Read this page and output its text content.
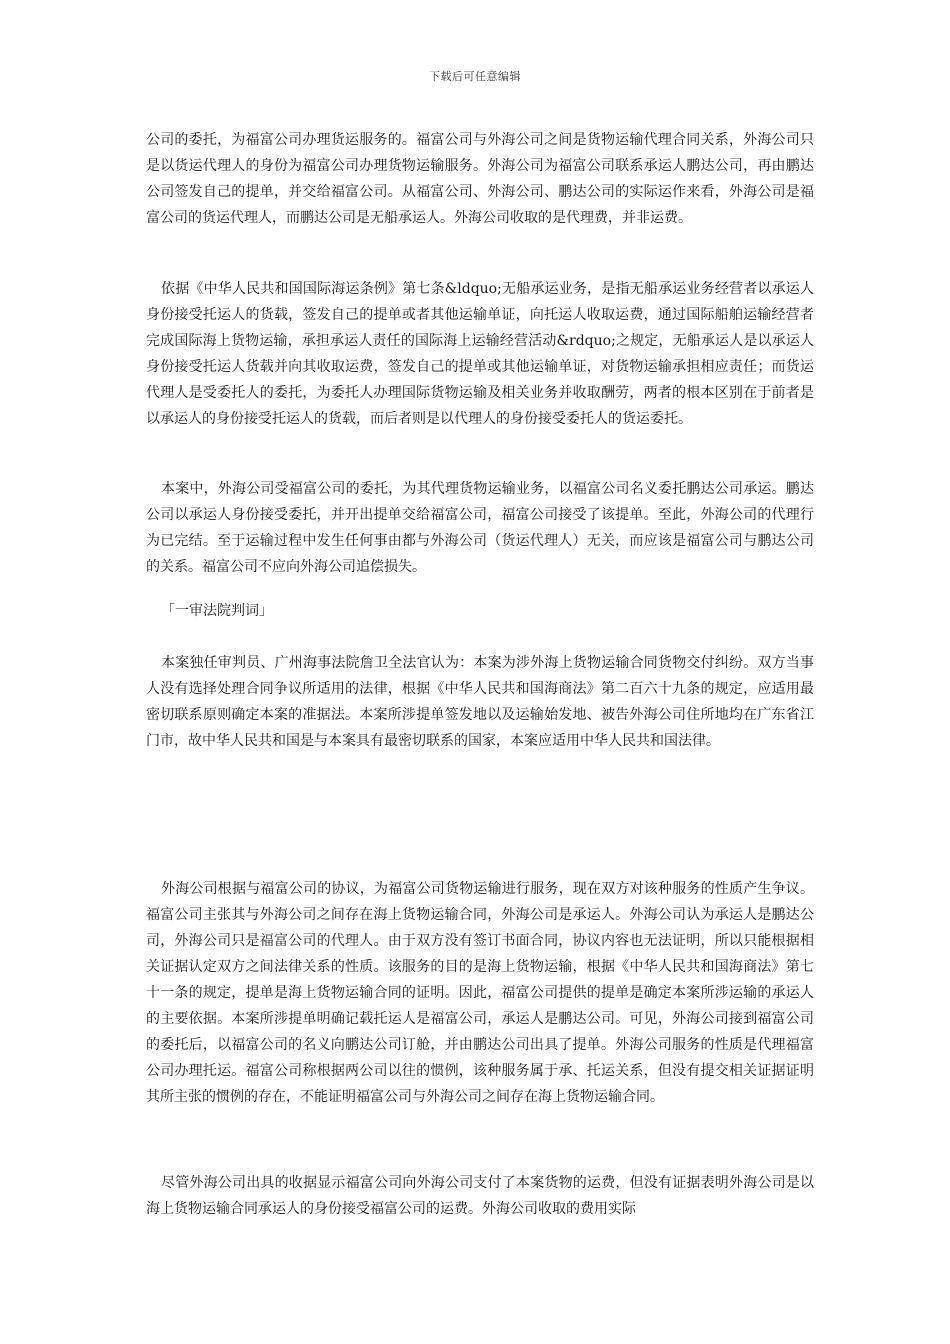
下载后可任意编辑

公司的委托，为福富公司办理货运服务的。福富公司与外海公司之间是货物运输代理合同关系，外海公司只是以货运代理人的身份为福富公司办理货物运输服务。外海公司为福富公司联系承运人鹏达公司，再由鹏达公司签发自己的提单，并交给福富公司。从福富公司、外海公司、鹏达公司的实际运作来看，外海公司是福富公司的货运代理人，而鹏达公司是无船承运人。外海公司收取的是代理费，并非运费。

依据《中华人民共和国国际海运条例》第七条&ldquo;无船承运业务，是指无船承运业务经营者以承运人身份接受托运人的货载，签发自己的提单或者其他运输单证，向托运人收取运费，通过国际船舶运输经营者完成国际海上货物运输，承担承运人责任的国际海上运输经营活动&rdquo;之规定，无船承运人是以承运人身份接受托运人货载并向其收取运费，签发自己的提单或其他运输单证，对货物运输承担相应责任；而货运代理人是受委托人的委托，为委托人办理国际货物运输及相关业务并收取酬劳，两者的根本区别在于前者是以承运人的身份接受托运人的货载，而后者则是以代理人的身份接受委托人的货运委托。

本案中，外海公司受福富公司的委托，为其代理货物运输业务，以福富公司名义委托鹏达公司承运。鹏达公司以承运人身份接受委托，并开出提单交给福富公司，福富公司接受了该提单。至此，外海公司的代理行为已完结。至于运输过程中发生任何事由都与外海公司（货运代理人）无关，而应该是福富公司与鹏达公司的关系。福富公司不应向外海公司追偿损失。

「一审法院判词」

本案独任审判员、广州海事法院詹卫全法官认为：本案为涉外海上货物运输合同货物交付纠纷。双方当事人没有选择处理合同争议所适用的法律，根据《中华人民共和国海商法》第二百六十九条的规定，应适用最密切联系原则确定本案的准据法。本案所涉提单签发地以及运输始发地、被告外海公司住所地均在广东省江门市，故中华人民共和国是与本案具有最密切联系的国家，本案应适用中华人民共和国法律。

外海公司根据与福富公司的协议，为福富公司货物运输进行服务，现在双方对该种服务的性质产生争议。福富公司主张其与外海公司之间存在海上货物运输合同，外海公司是承运人。外海公司认为承运人是鹏达公司，外海公司只是福富公司的代理人。由于双方没有签订书面合同，协议内容也无法证明，所以只能根据相关证据认定双方之间法律关系的性质。该服务的目的是海上货物运输，根据《中华人民共和国海商法》第七十一条的规定，提单是海上货物运输合同的证明。因此，福富公司提供的提单是确定本案所涉运输的承运人的主要依据。本案所涉提单明确记载托运人是福富公司，承运人是鹏达公司。可见，外海公司接到福富公司的委托后，以福富公司的名义向鹏达公司订舱，并由鹏达公司出具了提单。外海公司服务的性质是代理福富公司办理托运。福富公司称根据两公司以往的惯例，该种服务属于承、托运关系，但没有提交相关证据证明其所主张的惯例的存在，不能证明福富公司与外海公司之间存在海上货物运输合同。

尽管外海公司出具的收据显示福富公司向外海公司支付了本案货物的运费，但没有证据表明外海公司是以海上货物运输合同承运人的身份接受福富公司的运费。外海公司收取的费用实际
